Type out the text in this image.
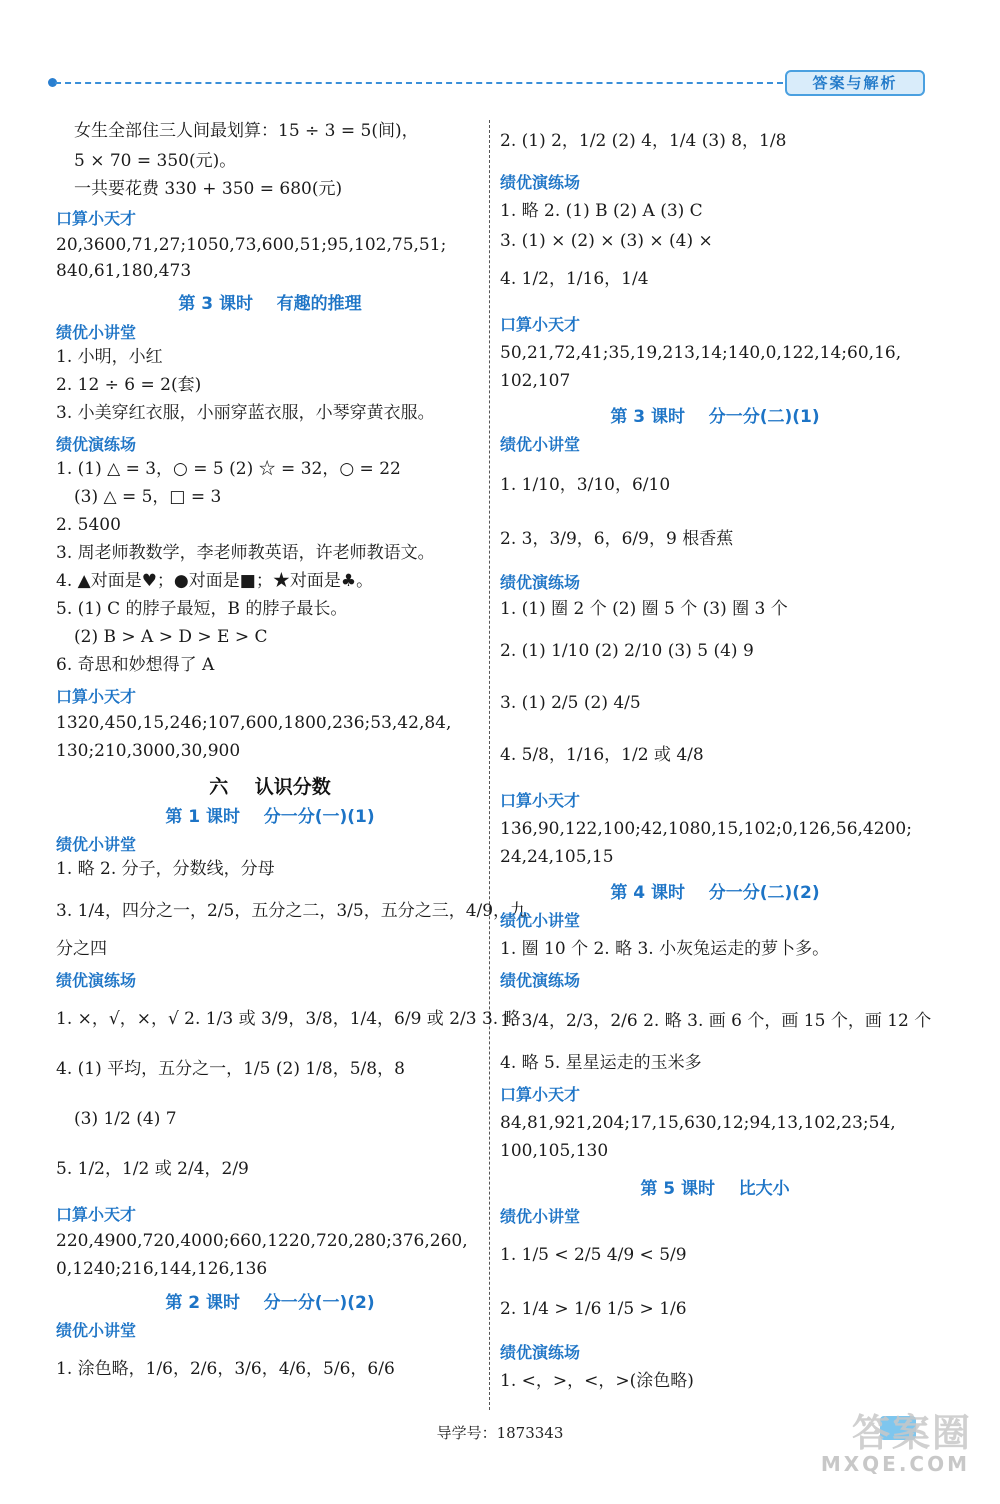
答案与解析
女生全部住三人间最划算：15 ÷ 3 = 5(间)，
5 × 70 = 350(元)。
一共要花费 330 + 350 = 680(元)
口算小天才
20,3600,71,27;1050,73,600,51;95,102,75,51;
840,61,180,473
第 3 课时    有趣的推理
绩优小讲堂
1. 小明，小红
2. 12 ÷ 6 = 2(套)
3. 小美穿红衣服，小丽穿蓝衣服，小琴穿黄衣服。
绩优演练场
1. (1) △ = 3，○ = 5 (2) ☆ = 32，○ = 22
(3) △ = 5，□ = 3
2. 5400
3. 周老师教数学，李老师教英语，许老师教语文。
4. ▲对面是♥；●对面是■；★对面是♣。
5. (1) C 的脖子最短，B 的脖子最长。
(2) B > A > D > E > C
6. 奇思和妙想得了 A
口算小天才
1320,450,15,246;107,600,1800,236;53,42,84,
130;210,3000,30,900
六    认识分数
第 1 课时    分一分(一)(1)
绩优小讲堂
1. 略 2. 分子，分数线，分母
3. 1/4，四分之一，2/5，五分之二，3/5，五分之三，4/9，九
分之四
绩优演练场
1. ×，√，×，√ 2. 1/3 或 3/9，3/8，1/4，6/9 或 2/3 3. 略
4. (1) 平均，五分之一，1/5 (2) 1/8，5/8，8
(3) 1/2 (4) 7
5. 1/2，1/2 或 2/4，2/9
口算小天才
220,4900,720,4000;660,1220,720,280;376,260,
0,1240;216,144,126,136
第 2 课时    分一分(一)(2)
绩优小讲堂
1. 涂色略，1/6，2/6，3/6，4/6，5/6，6/6
2. (1) 2，1/2 (2) 4，1/4 (3) 8，1/8
绩优演练场
1. 略 2. (1) B (2) A (3) C
3. (1) × (2) × (3) × (4) ×
4. 1/2，1/16，1/4
口算小天才
50,21,72,41;35,19,213,14;140,0,122,14;60,16,
102,107
第 3 课时    分一分(二)(1)
绩优小讲堂
1. 1/10，3/10，6/10
2. 3，3/9，6，6/9，9 根香蕉
绩优演练场
1. (1) 圈 2 个 (2) 圈 5 个 (3) 圈 3 个
2. (1) 1/10 (2) 2/10 (3) 5 (4) 9
3. (1) 2/5 (2) 4/5
4. 5/8，1/16，1/2 或 4/8
口算小天才
136,90,122,100;42,1080,15,102;0,126,56,4200;
24,24,105,15
第 4 课时    分一分(二)(2)
绩优小讲堂
1. 圈 10 个 2. 略 3. 小灰兔运走的萝卜多。
绩优演练场
1. 3/4，2/3，2/6 2. 略 3. 画 6 个，画 15 个，画 12 个
4. 略 5. 星星运走的玉米多
口算小天才
84,81,921,204;17,15,630,12;94,13,102,23;54,
100,105,130
第 5 课时    比大小
绩优小讲堂
1. 1/5 < 2/5 4/9 < 5/9
2. 1/4 > 1/6 1/5 > 1/6
绩优演练场
1. <，>，<，>(涂色略)
导学号：1873343	答案圈
MXQE.COM
